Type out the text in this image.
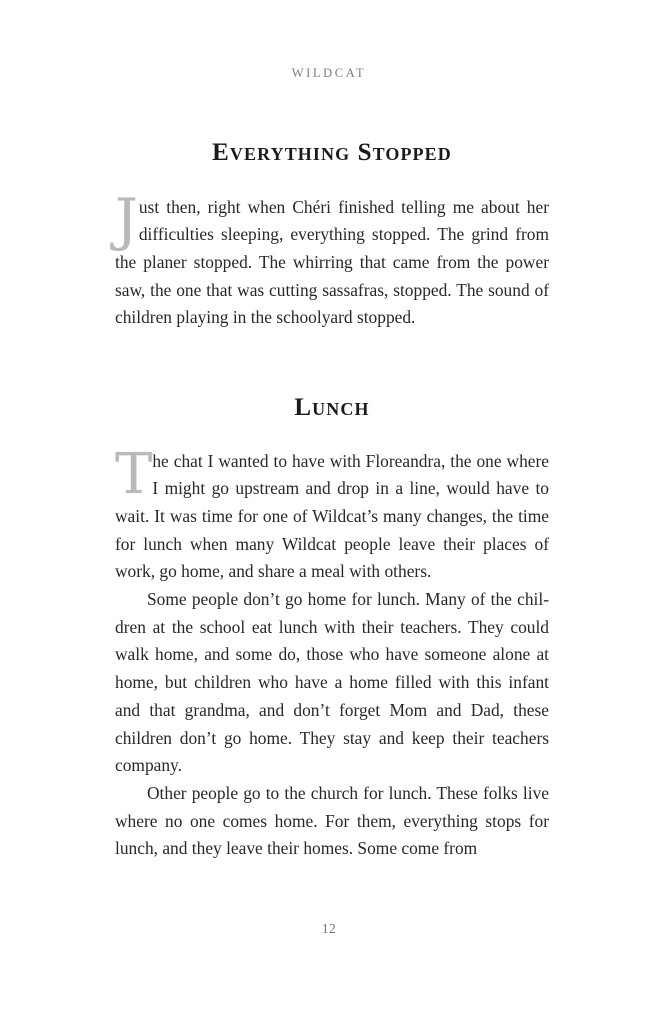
WILDCAT
Everything Stopped
J ust then, right when Chéri finished telling me about her difficulties sleeping, everything stopped. The grind from the planer stopped. The whirring that came from the power saw, the one that was cutting sassafras, stopped. The sound of children playing in the schoolyard stopped.

Lunch
T he chat I wanted to have with Floreandra, the one where I might go upstream and drop in a line, would have to wait. It was time for one of Wildcat’s many changes, the time for lunch when many Wildcat people leave their places of work, go home, and share a meal with others.

Some people don’t go home for lunch. Many of the children at the school eat lunch with their teachers. They could walk home, and some do, those who have someone alone at home, but children who have a home filled with this infant and that grandma, and don’t forget Mom and Dad, these children don’t go home. They stay and keep their teachers company.

Other people go to the church for lunch. These folks live where no one comes home. For them, everything stops for lunch, and they leave their homes. Some come from

12
